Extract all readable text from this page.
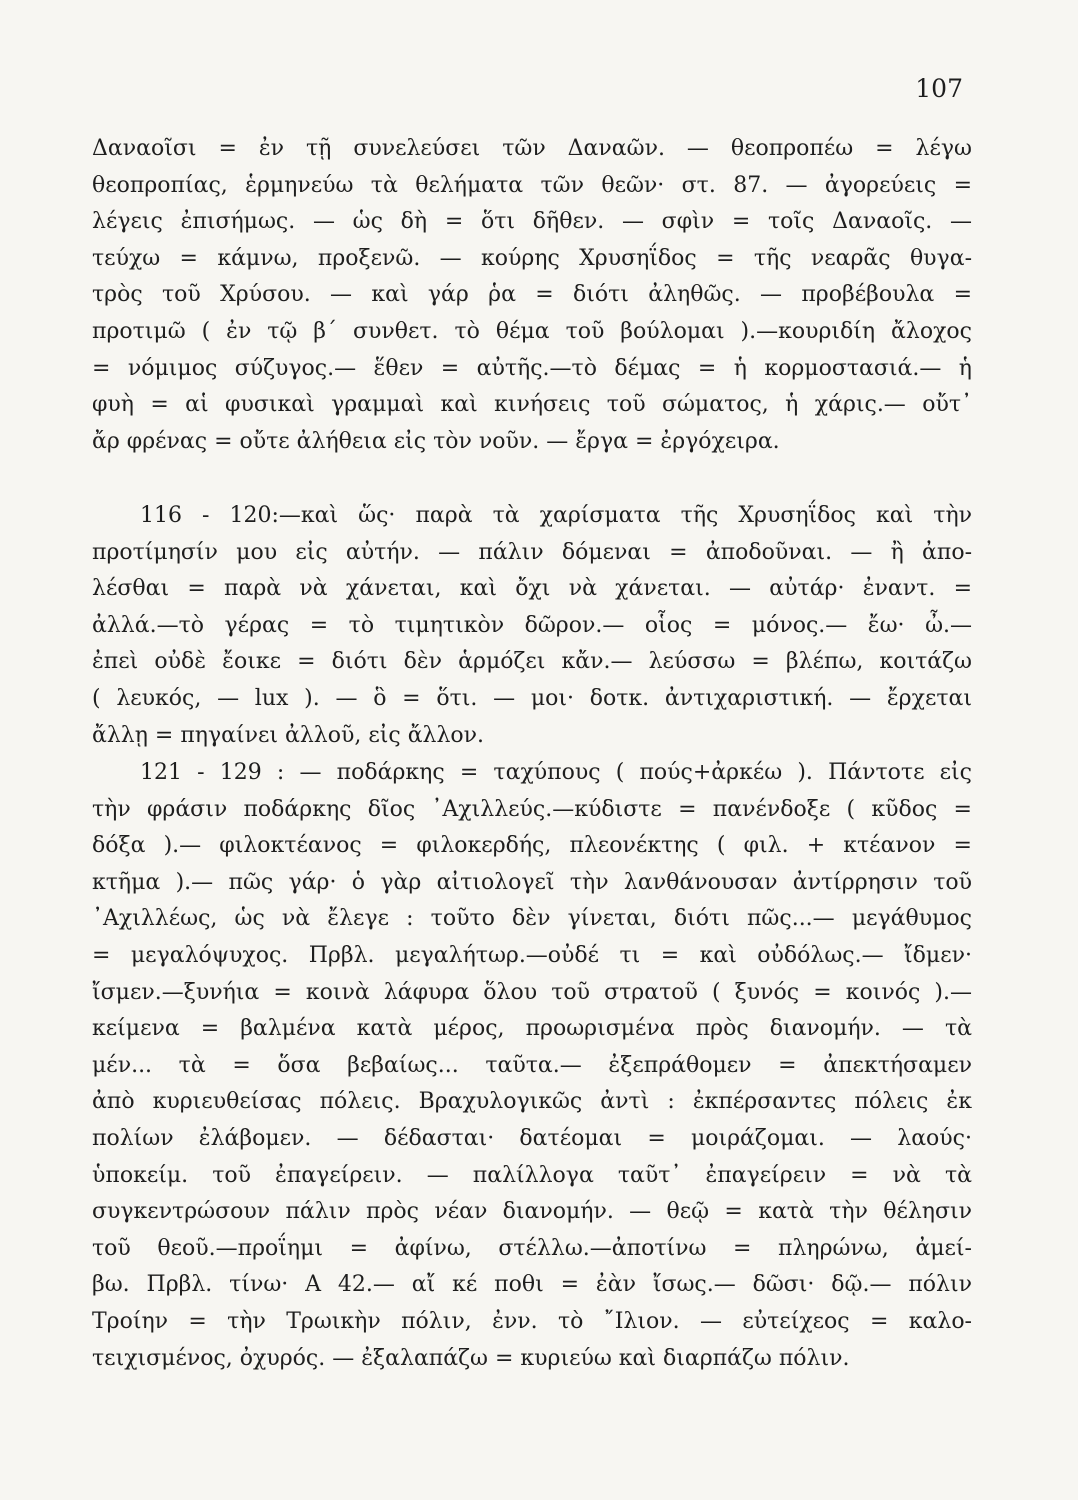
107
Δαναοῖσι = ἐν τῇ συνελεύσει τῶν Δαναῶν. — θεοπροπέω = λέγω
θεοπροπίας, ἑρμηνεύω τὰ θελήματα τῶν θεῶν· στ. 87. — ἀγορεύεις =
λέγεις ἐπισήμως. — ὡς δὴ = ὅτι δῆθεν. — σφὶν = τοῖς Δαναοῖς. —
τεύχω = κάμνω, προξενῶ. — κούρης Χρυσηΐδος = τῆς νεαρᾶς θυγα-
τρὸς τοῦ Χρύσου. — καὶ γάρ ῥα = διότι ἀληθῶς. — προβέβουλα =
προτιμῶ ( ἐν τῷ β΄ συνθετ. τὸ θέμα τοῦ βούλομαι ).—κουριδίη ἄλοχος
= νόμιμος σύζυγος.— ἕθεν = αὐτῆς.—τὸ δέμας = ἡ κορμοστασιά.— ἡ
φυὴ = αἱ φυσικαὶ γραμμαὶ καὶ κινήσεις τοῦ σώματος, ἡ χάρις.— οὔτ᾽
ἄρ φρένας = οὔτε ἀλήθεια εἰς τὸν νοῦν. — ἔργα = ἐργόχειρα.
116 - 120:—καὶ ὥς· παρὰ τὰ χαρίσματα τῆς Χρυσηΐδος καὶ τὴν
προτίμησίν μου εἰς αὐτήν. — πάλιν δόμεναι = ἀποδοῦναι. — ἢ ἀπο-
λέσθαι = παρὰ νὰ χάνεται, καὶ ὄχι νὰ χάνεται. — αὐτάρ· ἐναντ. =
ἀλλά.—τὸ γέρας = τὸ τιμητικὸν δῶρον.— οἷος = μόνος.— ἔω· ὦ.—
ἐπεὶ οὐδὲ ἔοικε = διότι δὲν ἁρμόζει κἄν.— λεύσσω = βλέπω, κοιτάζω
( λευκός, — lux ). — ὃ = ὅτι. — μοι· δοτκ. ἀντιχαριστική. — ἔρχεται
ἄλλῃ = πηγαίνει ἀλλοῦ, εἰς ἄλλον.
121 - 129 : — ποδάρκης = ταχύπους ( πούς+ἀρκέω ). Πάντοτε εἰς
τὴν φράσιν ποδάρκης δῖος ᾿Αχιλλεύς.—κύδιστε = πανένδοξε ( κῦδος =
δόξα ).— φιλοκτέανος = φιλοκερδής, πλεονέκτης ( φιλ. + κτέανον =
κτῆμα ).— πῶς γάρ· ὁ γὰρ αἰτιολογεῖ τὴν λανθάνουσαν ἀντίρρησιν τοῦ
᾿Αχιλλέως, ὡς νὰ ἔλεγε : τοῦτο δὲν γίνεται, διότι πῶς...— μεγάθυμος
= μεγαλόψυχος. Πρβλ. μεγαλήτωρ.—οὐδέ τι = καὶ οὐδόλως.— ἴδμεν·
ἴσμεν.—ξυνήια = κοινὰ λάφυρα ὅλου τοῦ στρατοῦ ( ξυνός = κοινός ).—
κείμενα = βαλμένα κατὰ μέρος, προωρισμένα πρὸς διανομήν. — τὰ
μέν... τὰ = ὅσα βεβαίως... ταῦτα.— ἐξεπράθομεν = ἀπεκτήσαμεν
ἀπὸ κυριευθείσας πόλεις. Βραχυλογικῶς ἀντὶ : ἐκπέρσαντες πόλεις ἐκ
πολίων ἐλάβομεν. — δέδασται· δατέομαι = μοιράζομαι. — λαούς·
ὑποκείμ. τοῦ ἐπαγείρειν. — παλίλλογα ταῦτ᾽ ἐπαγείρειν = νὰ τὰ
συγκεντρώσουν πάλιν πρὸς νέαν διανομήν. — θεῷ = κατὰ τὴν θέλησιν
τοῦ θεοῦ.—προΐημι = ἀφίνω, στέλλω.—ἀποτίνω = πληρώνω, ἀμεί-
βω. Πρβλ. τίνω· Α 42.— αἴ κέ ποθι = ἐὰν ἴσως.— δῶσι· δῷ.— πόλιν
Τροίην = τὴν Τρωικὴν πόλιν, ἐνν. τὸ ῎Ιλιον. — εὐτείχεος = καλο-
τειχισμένος, ὀχυρός. — ἐξαλαπάζω = κυριεύω καὶ διαρπάζω πόλιν.
